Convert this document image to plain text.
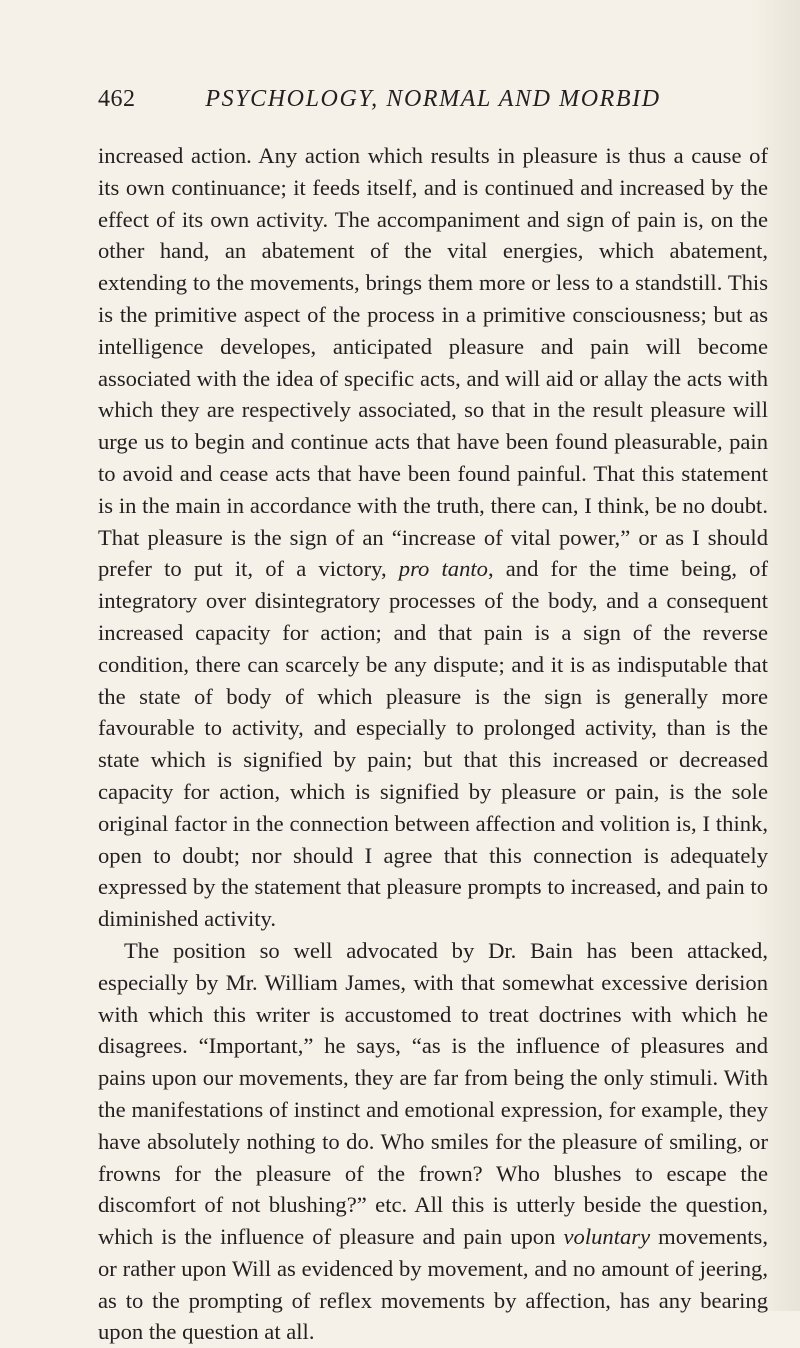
462	PSYCHOLOGY, NORMAL AND MORBID

increased action. Any action which results in pleasure is thus a cause of its own continuance; it feeds itself, and is continued and increased by the effect of its own activity. The accompaniment and sign of pain is, on the other hand, an abatement of the vital energies, which abatement, extending to the movements, brings them more or less to a standstill. This is the primitive aspect of the process in a primitive consciousness; but as intelligence developes, anticipated pleasure and pain will become associated with the idea of specific acts, and will aid or allay the acts with which they are respectively associated, so that in the result pleasure will urge us to begin and continue acts that have been found pleasurable, pain to avoid and cease acts that have been found painful. That this statement is in the main in accordance with the truth, there can, I think, be no doubt. That pleasure is the sign of an “increase of vital power,” or as I should prefer to put it, of a victory, pro tanto, and for the time being, of integratory over disintegratory processes of the body, and a consequent increased capacity for action; and that pain is a sign of the reverse condition, there can scarcely be any dispute; and it is as indisputable that the state of body of which pleasure is the sign is generally more favourable to activity, and especially to prolonged activity, than is the state which is signified by pain; but that this increased or decreased capacity for action, which is signified by pleasure or pain, is the sole original factor in the connection between affection and volition is, I think, open to doubt; nor should I agree that this connection is adequately expressed by the statement that pleasure prompts to increased, and pain to diminished activity.

The position so well advocated by Dr. Bain has been attacked, especially by Mr. William James, with that somewhat excessive derision with which this writer is accustomed to treat doctrines with which he disagrees. “Important,” he says, “as is the influence of pleasures and pains upon our movements, they are far from being the only stimuli. With the manifestations of instinct and emotional expression, for example, they have absolutely nothing to do. Who smiles for the pleasure of smiling, or frowns for the pleasure of the frown? Who blushes to escape the discomfort of not blushing?” etc. All this is utterly beside the question, which is the influence of pleasure and pain upon voluntary movements, or rather upon Will as evidenced by movement, and no amount of jeering, as to the prompting of reflex movements by affection, has any bearing upon the question at all.
